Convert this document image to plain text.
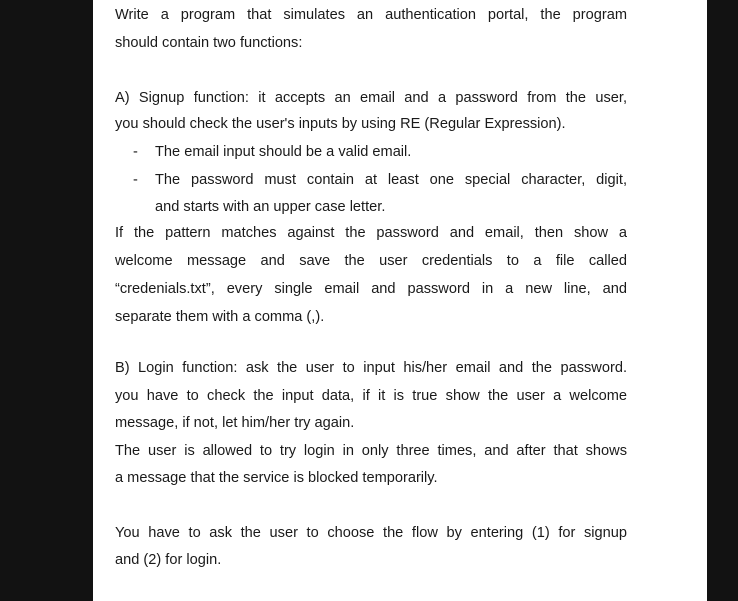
Write a program that simulates an authentication portal, the program
should contain two functions:
A) Signup function: it accepts an email and a password from the user,
you should check the user's inputs by using RE (Regular Expression).
- The email input should be a valid email.
- The password must contain at least one special character, digit,
and starts with an upper case letter.
If the pattern matches against the password and email, then show a
welcome message and save the user credentials to a file called
“credenials.txt”, every single email and password in a new line, and
separate them with a comma (,).
B) Login function: ask the user to input his/her email and the password.
you have to check the input data, if it is true show the user a welcome
message, if not, let him/her try again.
The user is allowed to try login in only three times, and after that shows
a message that the service is blocked temporarily.
You have to ask the user to choose the flow by entering (1) for signup
and (2) for login.
